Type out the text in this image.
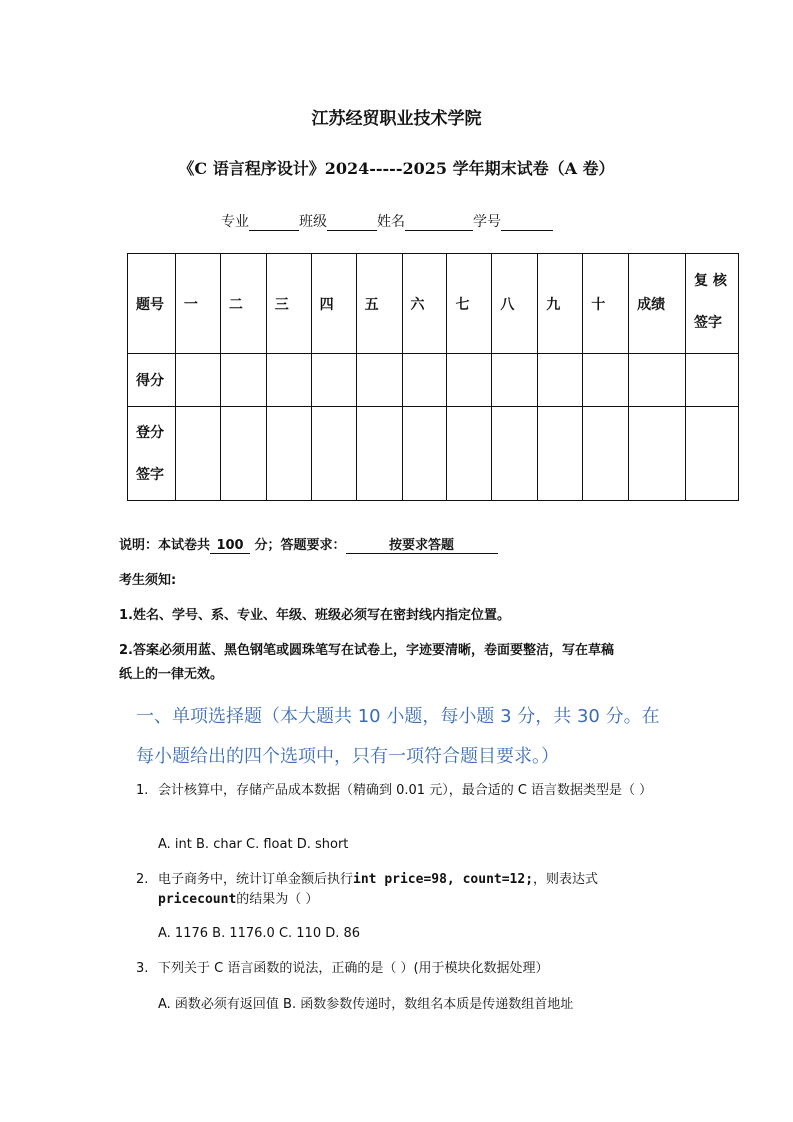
江苏经贸职业技术学院
《C 语言程序设计》2024-----2025 学年期末试卷（A 卷）
专业	班级	姓名	学号
题号	一	二	三	四	五	六	七	八	九	十	成绩	复 核
签字

得分												

登分
签字												

说明：本试卷共 100 分；答题要求：	按要求答题
考生须知:
1.姓名、学号、系、专业、年级、班级必须写在密封线内指定位置。
2.答案必须用蓝、黑色钢笔或圆珠笔写在试卷上，字迹要清晰，卷面要整洁，写在草稿
纸上的一律无效。
一、单项选择题（本大题共 10 小题，每小题 3 分，共 30 分。在
每小题给出的四个选项中，只有一项符合题目要求。）
1. 会计核算中，存储产品成本数据（精确到 0.01 元），最合适的 C 语言数据类型是（ ）
A. int B. char C. float D. short
2. 电子商务中，统计订单金额后执行int price=98, count=12;，则表达式
pricecount的结果为（ ）
A. 1176 B. 1176.0 C. 110 D. 86
3. 下列关于 C 语言函数的说法，正确的是（ ）(用于模块化数据处理）
A. 函数必须有返回值 B. 函数参数传递时，数组名本质是传递数组首地址
